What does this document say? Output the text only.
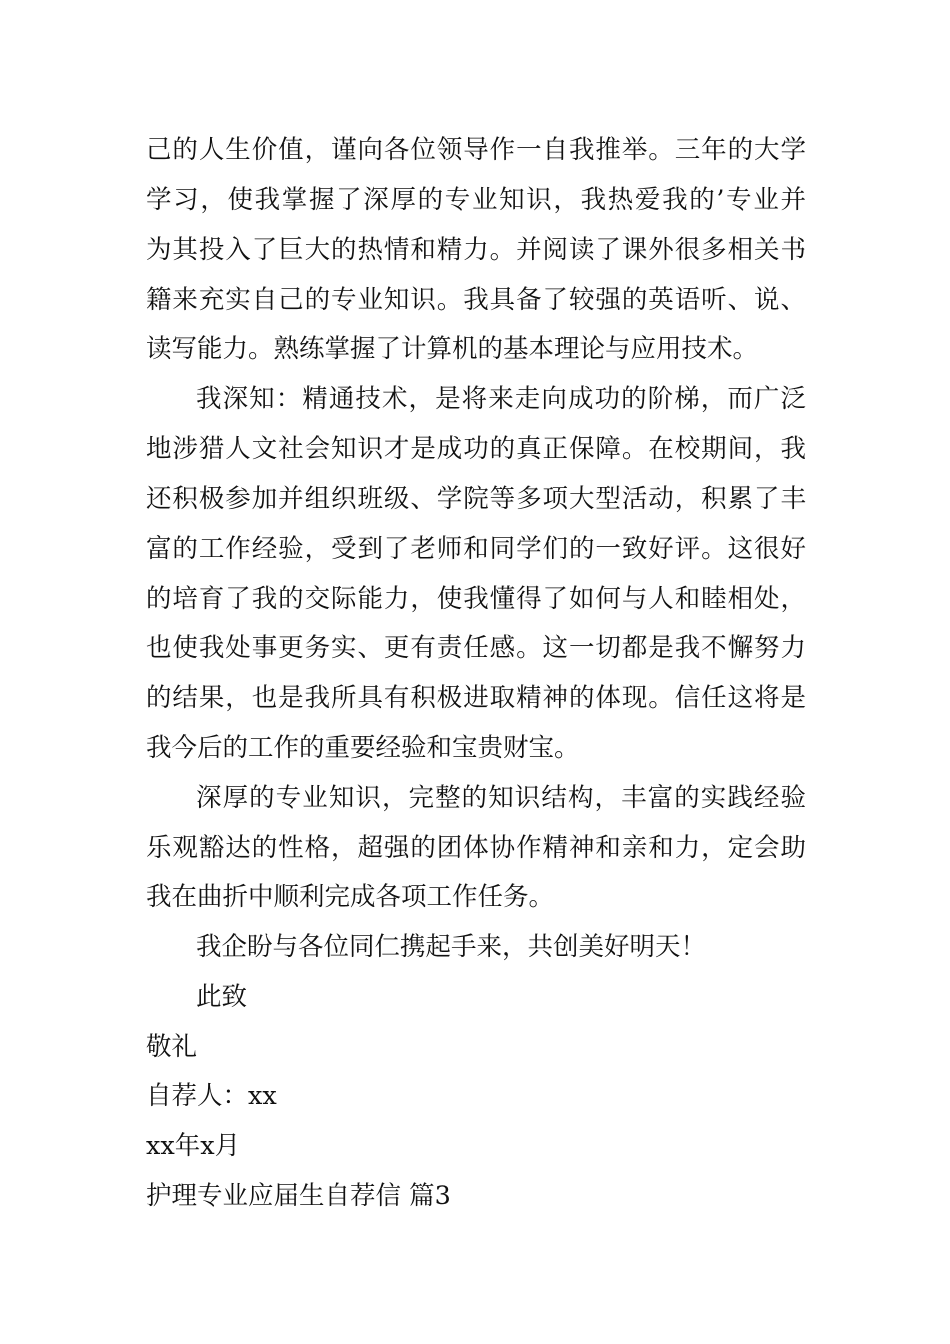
己的人生价值，谨向各位领导作一自我推举。三年的大学
学习，使我掌握了深厚的专业知识，我热爱我的’专业并
为其投入了巨大的热情和精力。并阅读了课外很多相关书
籍来充实自己的专业知识。我具备了较强的英语听、说、
读写能力。熟练掌握了计算机的基本理论与应用技术。
我深知：精通技术，是将来走向成功的阶梯，而广泛
地涉猎人文社会知识才是成功的真正保障。在校期间，我
还积极参加并组织班级、学院等多项大型活动，积累了丰
富的工作经验，受到了老师和同学们的一致好评。这很好
的培育了我的交际能力，使我懂得了如何与人和睦相处，
也使我处事更务实、更有责任感。这一切都是我不懈努力
的结果，也是我所具有积极进取精神的体现。信任这将是
我今后的工作的重要经验和宝贵财宝。
深厚的专业知识，完整的知识结构，丰富的实践经验
乐观豁达的性格，超强的团体协作精神和亲和力，定会助
我在曲折中顺利完成各项工作任务。
我企盼与各位同仁携起手来，共创美好明天！
此致
敬礼
自荐人：xx
xx年x月
护理专业应届生自荐信 篇3
